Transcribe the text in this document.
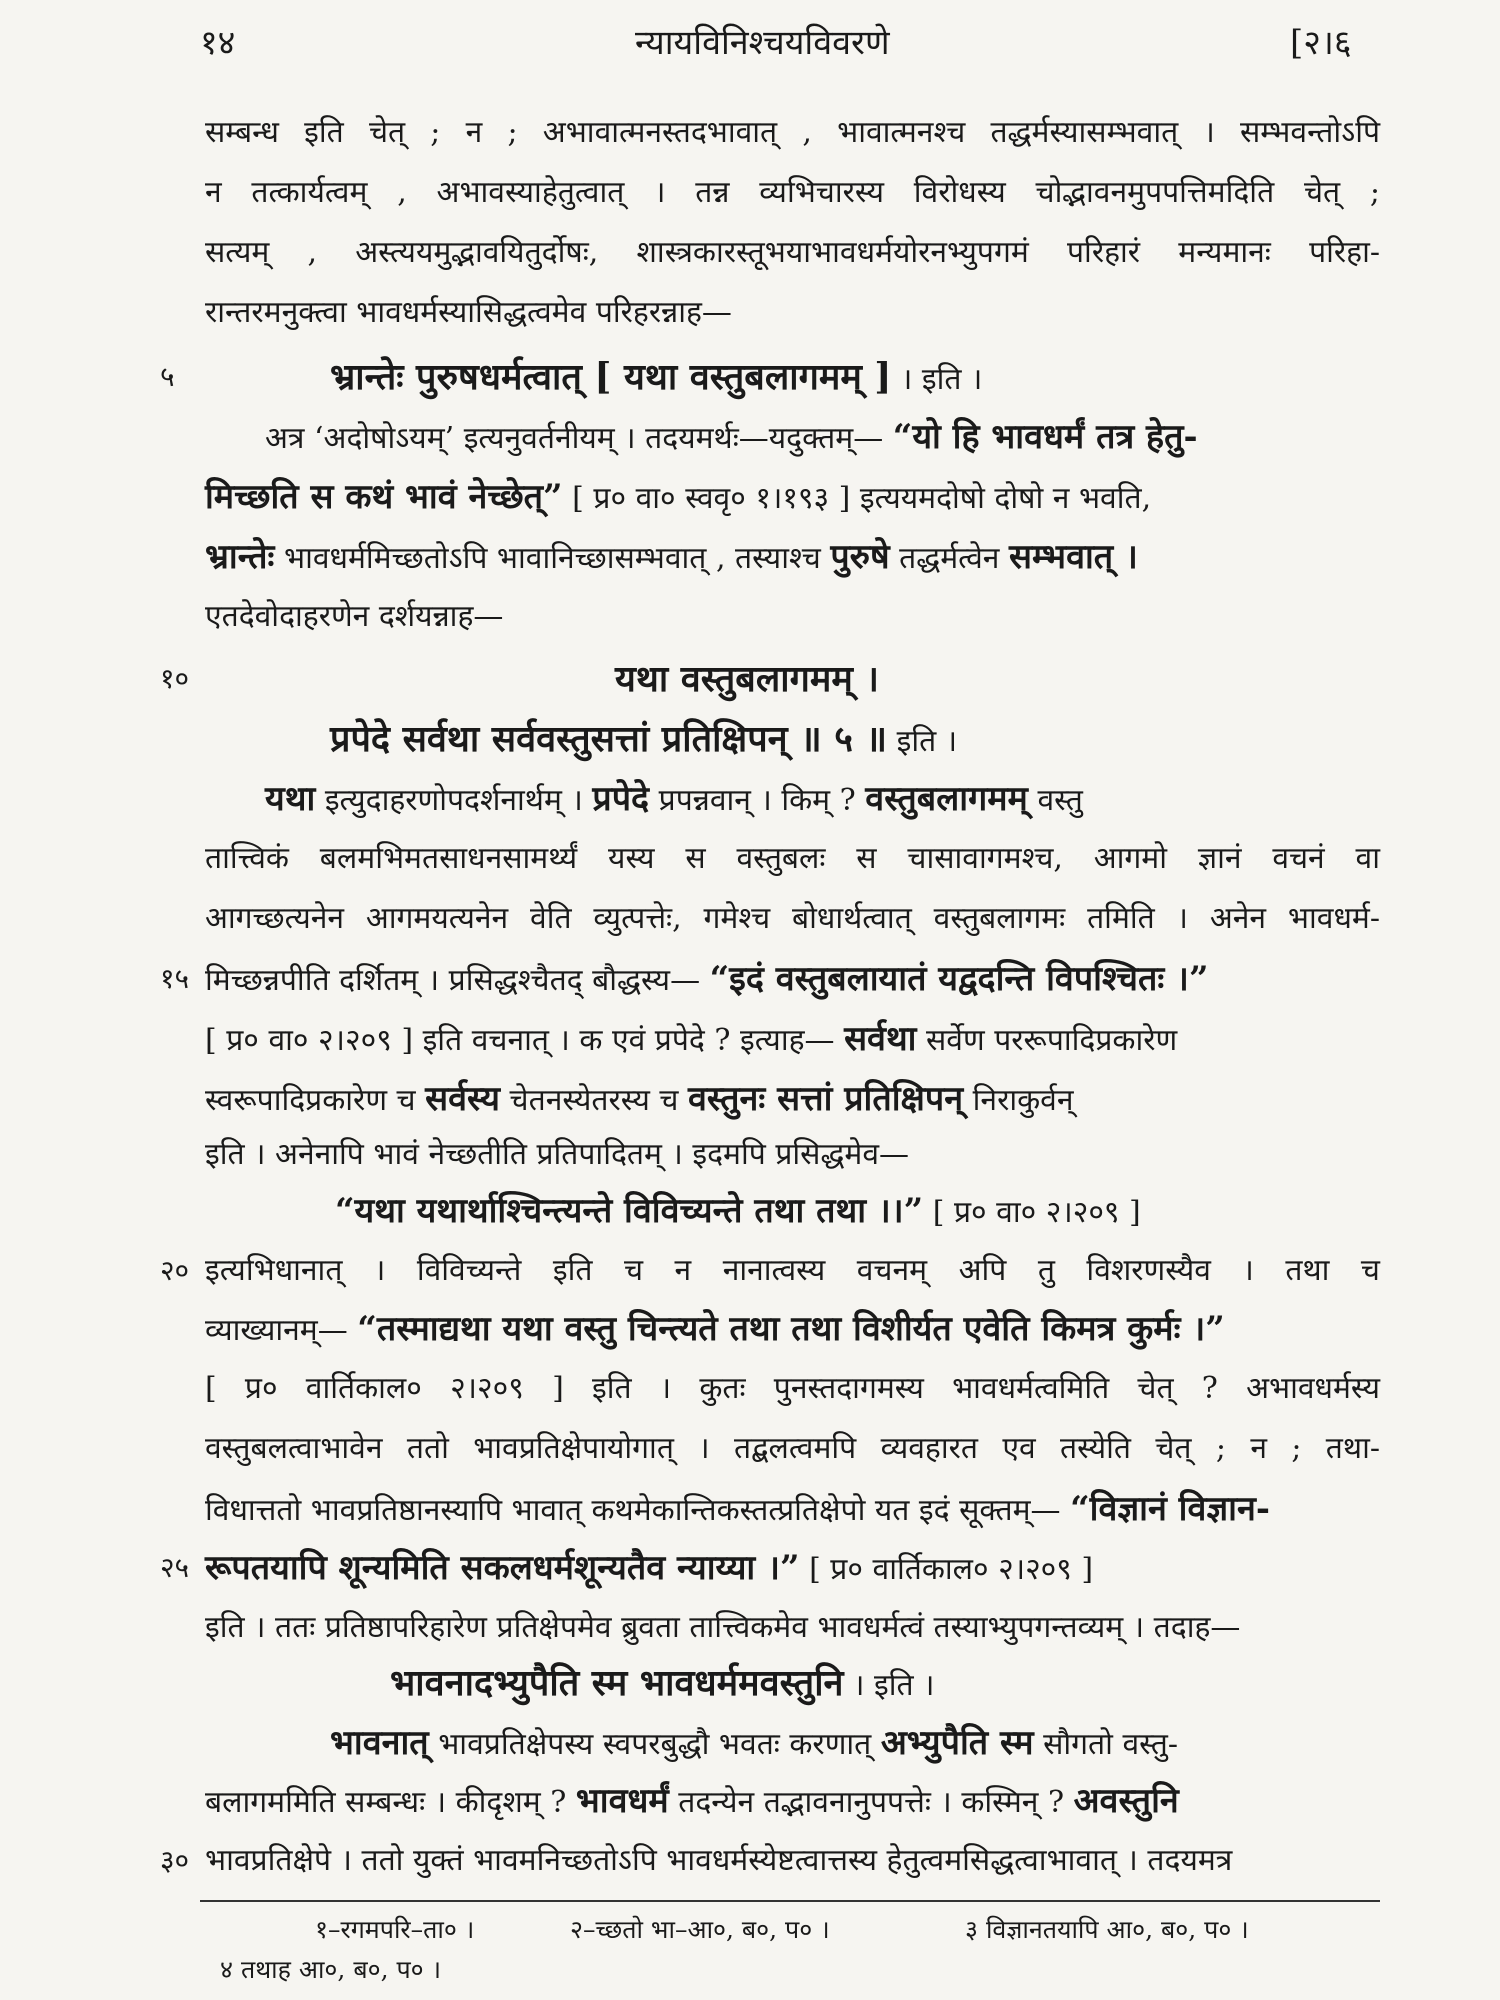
१४	न्यायविनिश्चयविवरणे	[२।६
५
१०
१५
२०
२५
३०
सम्बन्ध इति चेत् ; न ; अभावात्मनस्तदभावात् , भावात्मनश्च तद्धर्मस्यासम्भवात् । सम्भवन्तोऽपि
न तत्कार्यत्वम् , अभावस्याहेतुत्वात् । तन्न व्यभिचारस्य विरोधस्य चोद्भावनमुपपत्तिमदिति चेत् ;
सत्यम् , अस्त्ययमुद्भावयितुर्दोषः, शास्त्रकारस्तूभयाभावधर्मयोरनभ्युपगमं परिहारं मन्यमानः परिहा-
रान्तरमनुक्त्वा भावधर्मस्यासिद्धत्वमेव परिहरन्नाह—
भ्रान्तेः पुरुषधर्मत्वात् [ यथा वस्तुबलागमम् ] । इति ।
अत्र ‘अदोषोऽयम्’ इत्यनुवर्तनीयम् । तदयमर्थः—यदुक्तम्— “यो हि भावधर्मं तत्र हेतु-
मिच्छति स कथं भावं नेच्छेत्” [ प्र० वा० स्ववृ० १।१९३ ] इत्ययमदोषो दोषो न भवति,
भ्रान्तेः भावधर्ममिच्छतोऽपि भावानिच्छासम्भवात् , तस्याश्च पुरुषे तद्धर्मत्वेन सम्भवात् ।
एतदेवोदाहरणेन दर्शयन्नाह—
यथा वस्तुबलागमम् ।
प्रपेदे सर्वथा सर्ववस्तुसत्तां प्रतिक्षिपन् ॥ ५ ॥ इति ।
यथा इत्युदाहरणोपदर्शनार्थम् । प्रपेदे प्रपन्नवान् । किम् ? वस्तुबलागमम् वस्तु
तात्त्विकं बलमभिमतसाधनसामर्थ्यं यस्य स वस्तुबलः स चासावागमश्च, आगमो ज्ञानं वचनं वा
आगच्छत्यनेन आगमयत्यनेन वेति व्युत्पत्तेः, गमेश्च बोधार्थत्वात् वस्तुबलागमः तमिति । अनेन भावधर्म-
मिच्छन्नपीति दर्शितम् । प्रसिद्धश्चैतद् बौद्धस्य— “इदं वस्तुबलायातं यद्वदन्ति विपश्चितः ।”
[ प्र० वा० २।२०९ ] इति वचनात् । क एवं प्रपेदे ? इत्याह— सर्वथा सर्वेण पररूपादिप्रकारेण
स्वरूपादिप्रकारेण च सर्वस्य चेतनस्येतरस्य च वस्तुनः सत्तां प्रतिक्षिपन् निराकुर्वन्
इति । अनेनापि भावं नेच्छतीति प्रतिपादितम् । इदमपि प्रसिद्धमेव—
“यथा यथार्थाश्चिन्त्यन्ते विविच्यन्ते तथा तथा ।।” [ प्र० वा० २।२०९ ]
इत्यभिधानात् । विविच्यन्ते इति च न नानात्वस्य वचनम् अपि तु विशरणस्यैव । तथा च
व्याख्यानम्— “तस्माद्यथा यथा वस्तु चिन्त्यते तथा तथा विशीर्यत एवेति किमत्र कुर्मः ।”
[ प्र० वार्तिकाल० २।२०९ ] इति । कुतः पुनस्तदागमस्य भावधर्मत्वमिति चेत् ? अभावधर्मस्य
वस्तुबलत्वाभावेन ततो भावप्रतिक्षेपायोगात् । तद्बलत्वमपि व्यवहारत एव तस्येति चेत् ; न ; तथा-
विधात्ततो भावप्रतिष्ठानस्यापि भावात् कथमेकान्तिकस्तत्प्रतिक्षेपो यत इदं सूक्तम्— “विज्ञानं विज्ञान-
रूपतयापि शून्यमिति सकलधर्मशून्यतैव न्याय्या ।” [ प्र० वार्तिकाल० २।२०९ ]
इति । ततः प्रतिष्ठापरिहारेण प्रतिक्षेपमेव ब्रुवता तात्त्विकमेव भावधर्मत्वं तस्याभ्युपगन्तव्यम् । तदाह—
भावनादभ्युपैति स्म भावधर्ममवस्तुनि । इति ।
भावनात् भावप्रतिक्षेपस्य स्वपरबुद्धौ भवतः करणात् अभ्युपैति स्म सौगतो वस्तु-
बलागममिति सम्बन्धः । कीदृशम् ? भावधर्मं तदन्येन तद्भावनानुपपत्तेः । कस्मिन् ? अवस्तुनि
भावप्रतिक्षेपे । ततो युक्तं भावमनिच्छतोऽपि भावधर्मस्येष्टत्वात्तस्य हेतुत्वमसिद्धत्वाभावात् । तदयमत्र
१–रगमपरि–ता० ।	२–च्छतो भा–आ०, ब०, प० ।	३ विज्ञानतयापि आ०, ब०, प० ।
४ तथाह आ०, ब०, प० ।
